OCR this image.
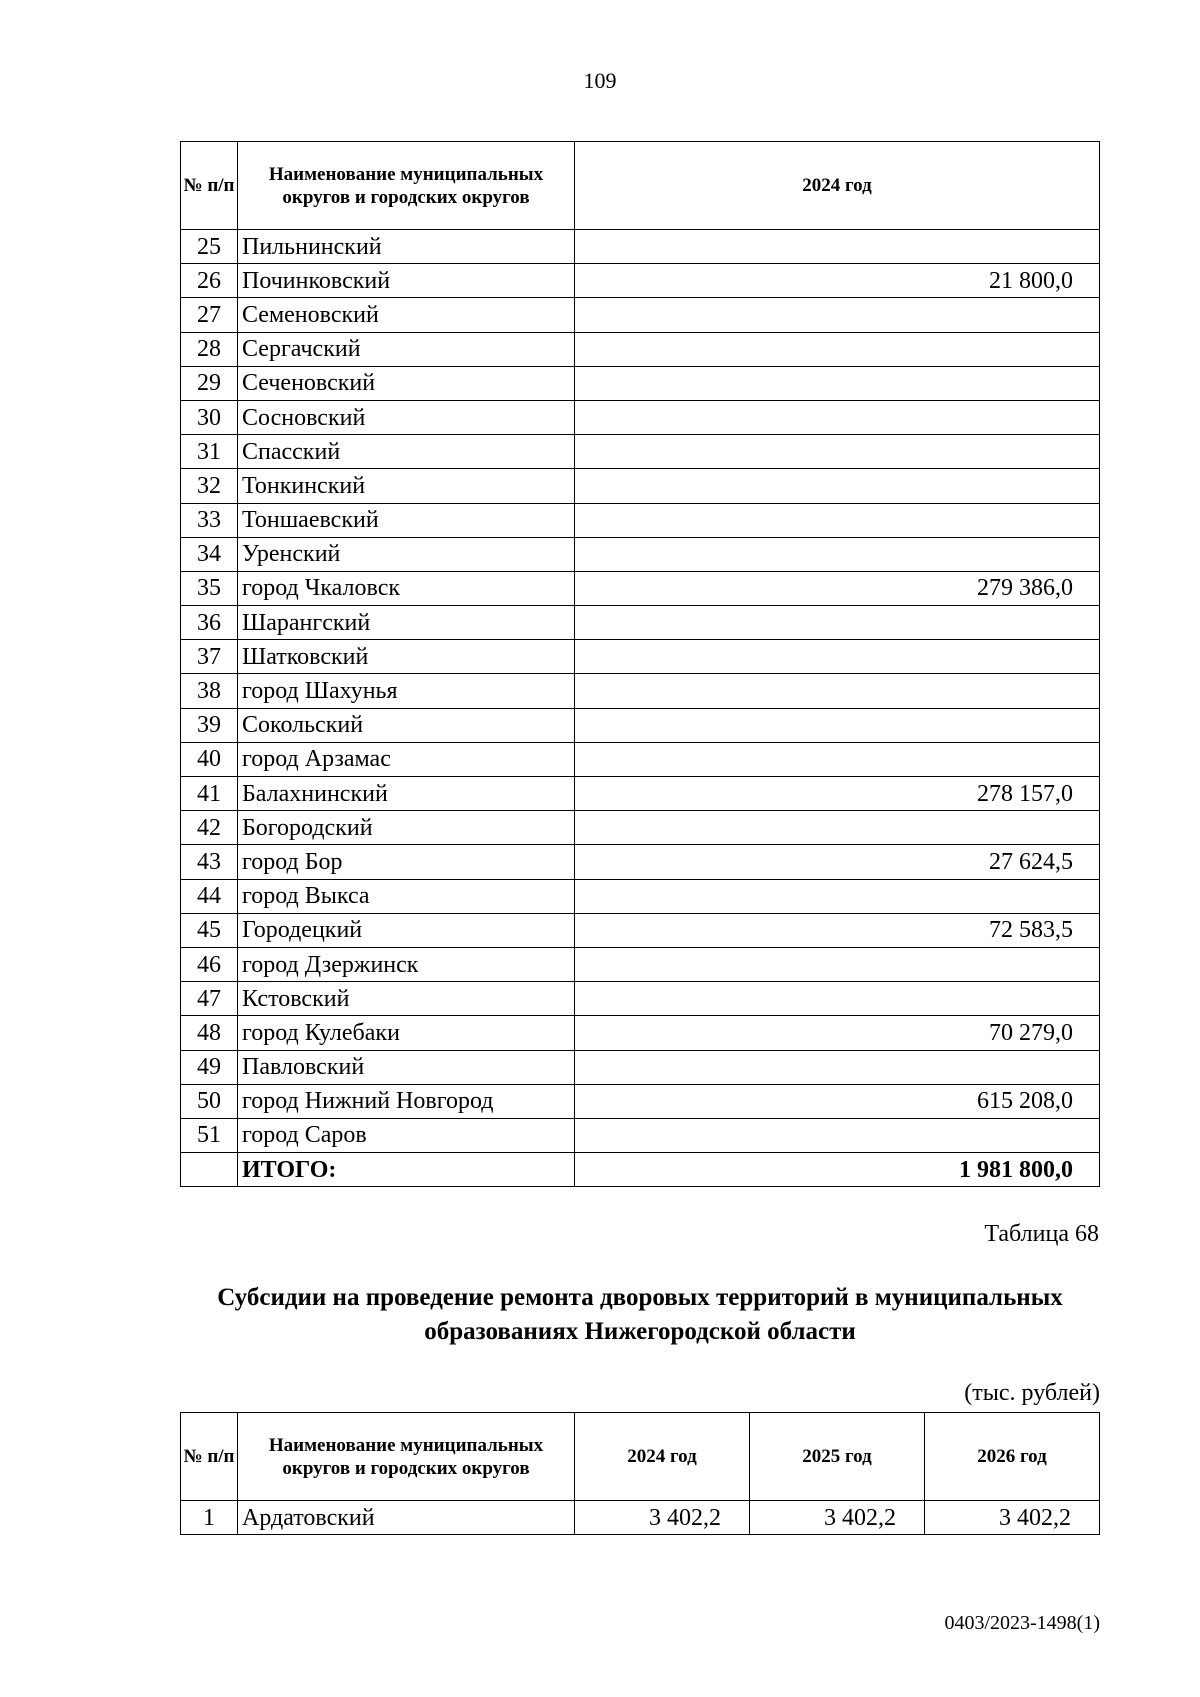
109
№ п/п	Наименование муниципальных округов и городских округов	2024 год
25	Пильнинский	
26	Починковский	21 800,0
27	Семеновский	
28	Сергачский	
29	Сеченовский	
30	Сосновский	
31	Спасский	
32	Тонкинский	
33	Тоншаевский	
34	Уренский	
35	город Чкаловск	279 386,0
36	Шарангский	
37	Шатковский	
38	город Шахунья	
39	Сокольский	
40	город Арзамас	
41	Балахнинский	278 157,0
42	Богородский	
43	город Бор	27 624,5
44	город Выкса	
45	Городецкий	72 583,5
46	город Дзержинск	
47	Кстовский	
48	город Кулебаки	70 279,0
49	Павловский	
50	город Нижний Новгород	615 208,0
51	город Саров	
	ИТОГО:	1 981 800,0
Таблица 68
Субсидии на проведение ремонта дворовых территорий в муниципальных образованиях Нижегородской области
(тыс. рублей)
№ п/п	Наименование муниципальных округов и городских округов	2024 год	2025 год	2026 год
1	Ардатовский	3 402,2	3 402,2	3 402,2
0403/2023-1498(1)
